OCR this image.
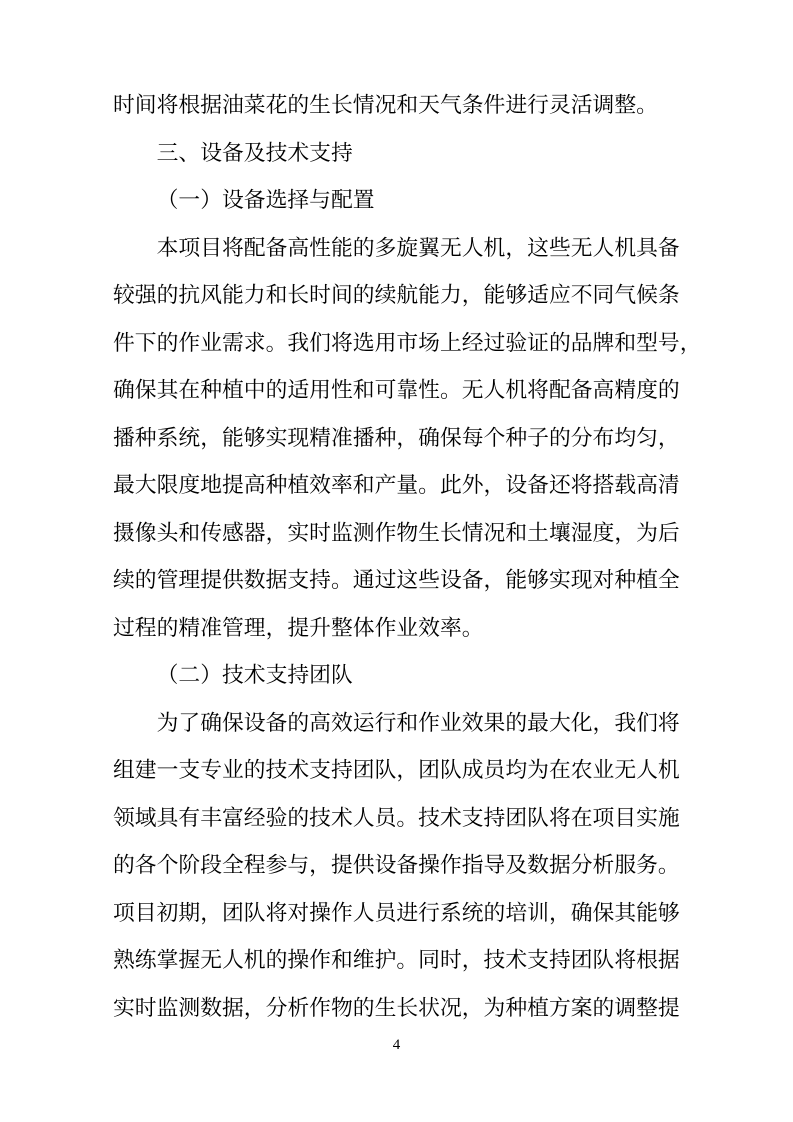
时间将根据油菜花的生长情况和天气条件进行灵活调整。
三、设备及技术支持
（一）设备选择与配置
本项目将配备高性能的多旋翼无人机，这些无人机具备
较强的抗风能力和长时间的续航能力，能够适应不同气候条
件下的作业需求。我们将选用市场上经过验证的品牌和型号，
确保其在种植中的适用性和可靠性。无人机将配备高精度的
播种系统，能够实现精准播种，确保每个种子的分布均匀，
最大限度地提高种植效率和产量。此外，设备还将搭载高清
摄像头和传感器，实时监测作物生长情况和土壤湿度，为后
续的管理提供数据支持。通过这些设备，能够实现对种植全
过程的精准管理，提升整体作业效率。
（二）技术支持团队
为了确保设备的高效运行和作业效果的最大化，我们将
组建一支专业的技术支持团队，团队成员均为在农业无人机
领域具有丰富经验的技术人员。技术支持团队将在项目实施
的各个阶段全程参与，提供设备操作指导及数据分析服务。
项目初期，团队将对操作人员进行系统的培训，确保其能够
熟练掌握无人机的操作和维护。同时，技术支持团队将根据
实时监测数据，分析作物的生长状况，为种植方案的调整提
4
